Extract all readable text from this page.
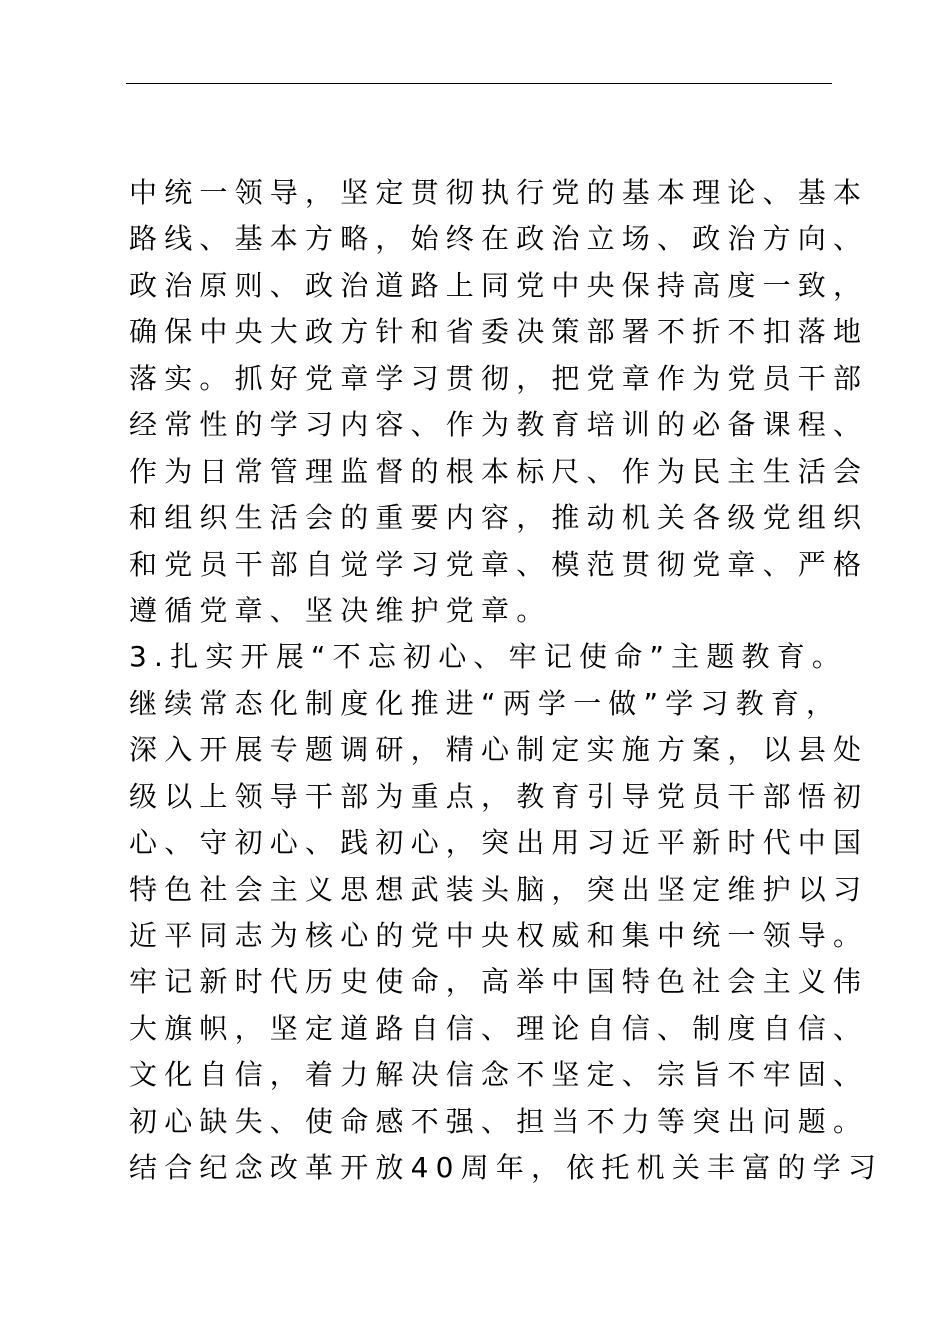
中统一领导，坚定贯彻执行党的基本理论、基本
路线、基本方略，始终在政治立场、政治方向、
政治原则、政治道路上同党中央保持高度一致，
确保中央大政方针和省委决策部署不折不扣落地
落实。抓好党章学习贯彻，把党章作为党员干部
经常性的学习内容、作为教育培训的必备课程、
作为日常管理监督的根本标尺、作为民主生活会
和组织生活会的重要内容，推动机关各级党组织
和党员干部自觉学习党章、模范贯彻党章、严格
遵循党章、坚决维护党章。
3.扎实开展“不忘初心、牢记使命”主题教育。
继续常态化制度化推进“两学一做”学习教育，
深入开展专题调研，精心制定实施方案，以县处
级以上领导干部为重点，教育引导党员干部悟初
心、守初心、践初心，突出用习近平新时代中国
特色社会主义思想武装头脑，突出坚定维护以习
近平同志为核心的党中央权威和集中统一领导。
牢记新时代历史使命，高举中国特色社会主义伟
大旗帜，坚定道路自信、理论自信、制度自信、
文化自信，着力解决信念不坚定、宗旨不牢固、
初心缺失、使命感不强、担当不力等突出问题。
结合纪念改革开放40周年，依托机关丰富的学习
